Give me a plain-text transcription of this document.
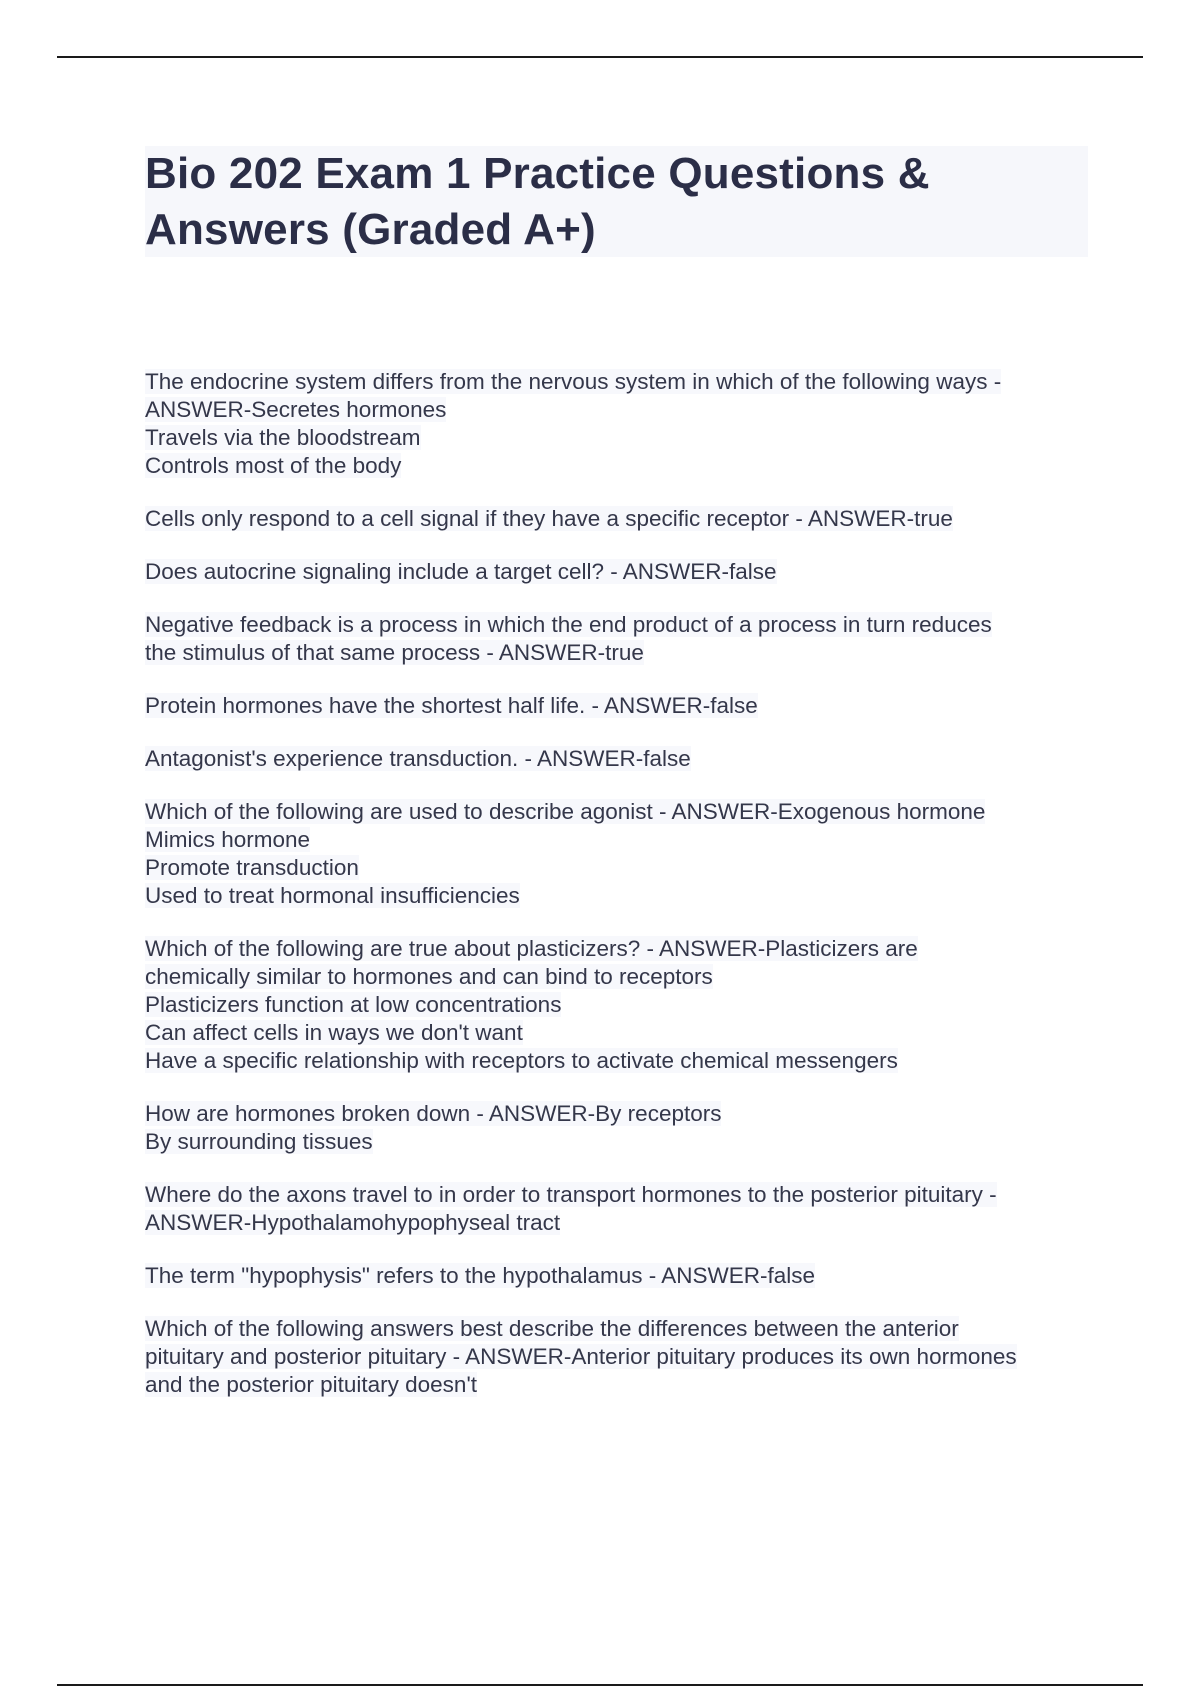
Bio 202 Exam 1 Practice Questions &
Answers (Graded A+)
The endocrine system differs from the nervous system in which of the following ways -
ANSWER-Secretes hormones
Travels via the bloodstream
Controls most of the body
Cells only respond to a cell signal if they have a specific receptor - ANSWER-true
Does autocrine signaling include a target cell? - ANSWER-false
Negative feedback is a process in which the end product of a process in turn reduces
the stimulus of that same process - ANSWER-true
Protein hormones have the shortest half life. - ANSWER-false
Antagonist's experience transduction. - ANSWER-false
Which of the following are used to describe agonist - ANSWER-Exogenous hormone
Mimics hormone
Promote transduction
Used to treat hormonal insufficiencies
Which of the following are true about plasticizers? - ANSWER-Plasticizers are
chemically similar to hormones and can bind to receptors
Plasticizers function at low concentrations
Can affect cells in ways we don't want
Have a specific relationship with receptors to activate chemical messengers
How are hormones broken down - ANSWER-By receptors
By surrounding tissues
Where do the axons travel to in order to transport hormones to the posterior pituitary -
ANSWER-Hypothalamohypophyseal tract
The term "hypophysis" refers to the hypothalamus - ANSWER-false
Which of the following answers best describe the differences between the anterior
pituitary and posterior pituitary - ANSWER-Anterior pituitary produces its own hormones
and the posterior pituitary doesn't
